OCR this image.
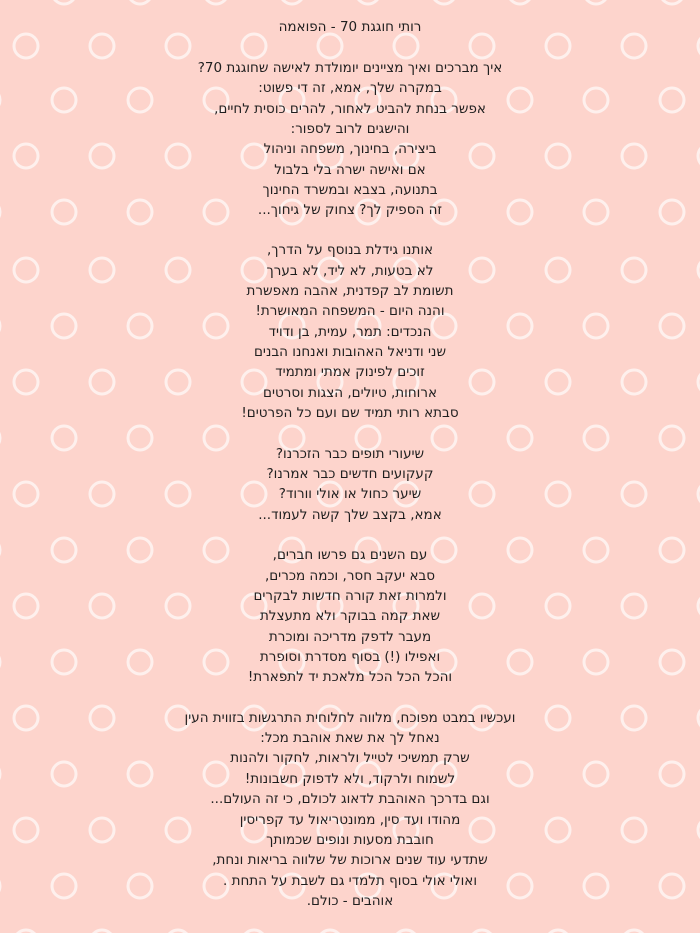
רותי חוגגת 70 - הפואמה
איך מברכים ואיך מציינים יומולדת לאישה שחוגגת 70?
במקרה שלך, אמא, זה די פשוט:
אפשר בנחת להביט לאחור, להרים כוסית לחיים,
והישגים לרוב לספור:
ביצירה, בחינוך, משפחה וניהול
אם ואישה ישרה בלי בלבול
בתנועה, בצבא ובמשרד החינוך
זה הספיק לך? צחוק של גיחוך...
אותנו גידלת בנוסף על הדרך,
לא בטעות, לא ליד, לא בערך
תשומת לב קפדנית, אהבה מאפשרת
והנה היום - המשפחה המאושרת!
הנכדים: תמר, עמית, בן ודויד
שני ודניאל האהובות ואנחנו הבנים
זוכים לפינוק אמתי ומתמיד
ארוחות, טיולים, הצגות וסרטים
סבתא רותי תמיד שם ועם כל הפרטים!
שיעורי תופים כבר הזכרנו?
קעקועים חדשים כבר אמרנו?
שיער כחול או אולי וורוד?
אמא, בקצב שלך קשה לעמוד...
עם השנים גם פרשו חברים,
סבא יעקב חסר, וכמה מכרים,
ולמרות זאת קורה חדשות לבקרים
שאת קמה בבוקר ולא מתעצלת
מעבר לדפק מדריכה ומוכרת
ואפילו (!) בסוף מסדרת וסופרת
והכל הכל הכל מלאכת יד לתפארת!
ועכשיו במבט מפוכח, מלווה לחלוחית התרגשות בזווית העין
נאחל לך את שאת אוהבת מכל:
שרק תמשיכי לטייל ולראות, לחקור ולהנות
לשמוח ולרקוד, ולא לדפוק חשבונות!
וגם בדרכך האוהבת לדאוג לכולם, כי זה העולם...
מהודו ועד סין, ממונטריאול עד קפריסין
חובבת מסעות ונופים שכמותך
שתדעי עוד שנים ארוכות של שלווה בריאות ונחת,
ואולי אולי בסוף תלמדי גם לשבת על התחת .
אוהבים - כולם.
